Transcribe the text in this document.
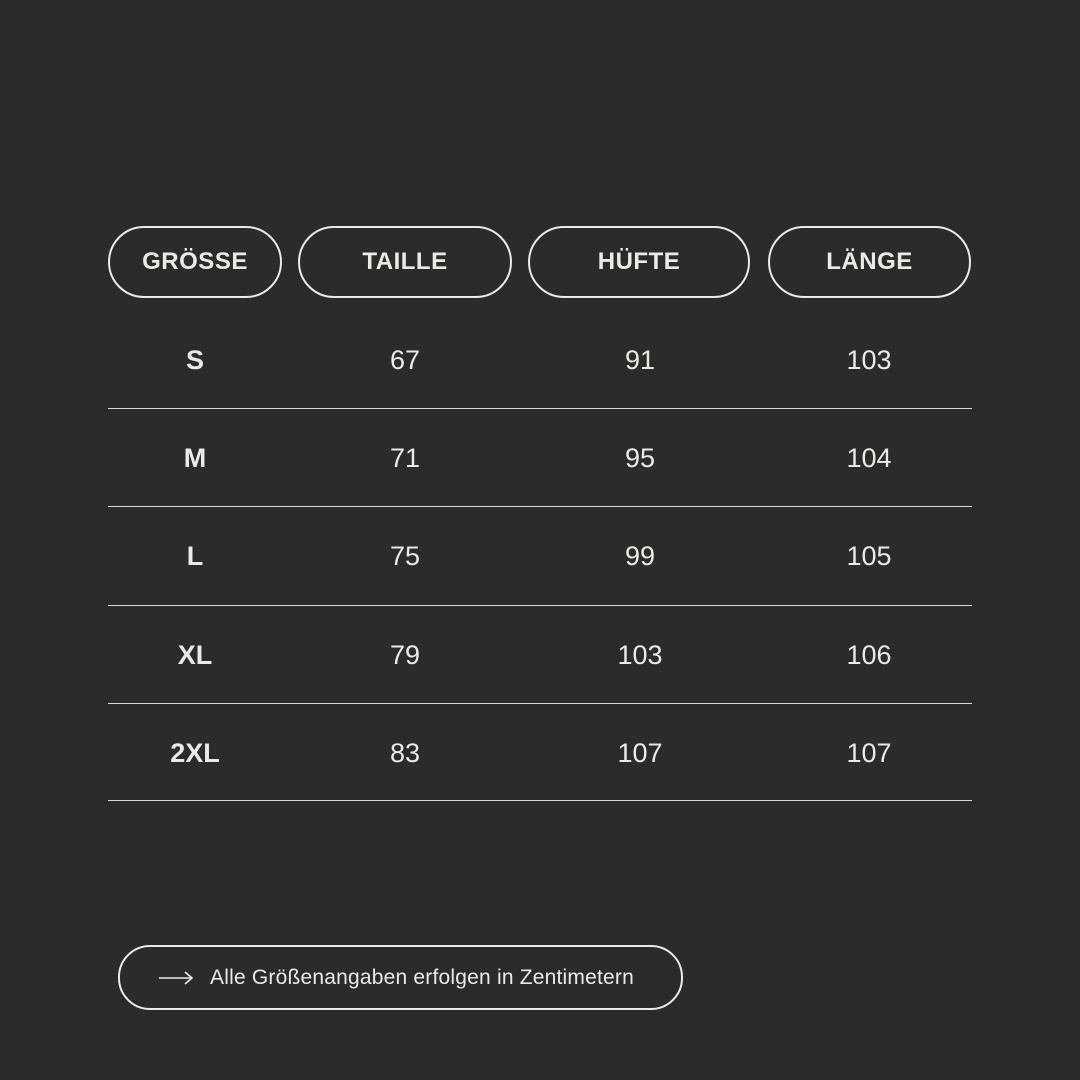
GRÖSSE	TAILLE	HÜFTE	LÄNGE
S	67	91	103
M	71	95	104
L	75	99	105
XL	79	103	106
2XL	83	107	107
Alle Größenangaben erfolgen in Zentimetern
